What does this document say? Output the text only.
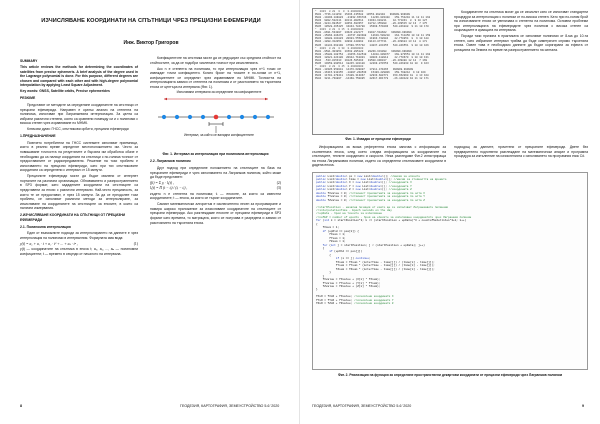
ИЗЧИСЛЯВАНЕ КООРДИНАТИ НА СПЪТНИЦИ ЧРЕЗ ПРЕЦИЗНИ ЕФЕМЕРИДИ
Инж. Виктор Григоров

SUMMARY

This article reviews the methods for determining the coordinates of satellites from precise ephemeris. A brief analysis of the degree used in the Lagrange polynomial is done. For this purpose, different degrees are chosen and compared with each other and with high-degree polynomial interpolation by applying Least Square Adjustment.

Key words: GNSS, Satellite orbits, Precise ephemerides

РЕЗЮМЕ

Представят се методите за определяне координатите на спътници от прецизни ефемериди. Направен е кратък анализ на степента на полинома, използван при Лагранжевата интерполация. За целта са избрани различни степени, които са сравнени помежду си и с полиноми с висока степен чрез изравняване по МНМК.

Ключови думи: ГНСС, спътникови орбити, прецизни ефемериди

1.ПРЕДНАЗНАЧЕНИЕ

Повечето потребители на ГНСС системите използват приемници, които в реално време определят местоположението им. Често за повишаване точността на резултатите и бързата им обработка обаче е необходимо да са налице координати на спътници с по-голяма точност от предоставяните от радиопредавателя. Решение на този проблем е използването на прецизни ефемериди, като при тях спътниковите координати са определени с интервал от 15 минути.

Прецизните ефемериди могат да бъдат свалени от интернет порталите на различни организации. Обновяването и разпространението в SP3 формат, като зададените координати на спътниците са представени за епохи с различни интервали. Най-често прецизность, за които те се предоставят, е през 15 минути. За да се преодолее този проблем, се използват различни методи за интерполиране, за изчисляване на координатите на спътниците за епохите, в които са налични измервания.

2.ИЗЧИСЛЯВАНЕ КООРДИНАТИ НА СПЪТНИЦИ ОТ ПРЕЦИЗНИ ЕФЕМЕРИДИ

2.1. Полиномна интерполация

Един от възможните подходи за интерполирането на данните е чрез интерполация на полиноми в интервалния. Формулата има вида:

y(t) = a₀ + a₁ · t + a₂ · t² + ... + aₙ · tⁿ ,	(1)

y(t) — координатите на спътника в епоха t; a₀, a₁, ..., aₙ — полиномни коефициенти; t — времето в секунди от началото на интервала.

Коефициентите на спътника могат да се редуцират със средната стойност на стойностите, за да се подобри числената точност при изчисленията.

Ако n е степента на полинома, то при интерполация чрез n+1 точки се извеждат точни коефициенти. Когато броят на точките е по-голям от n+1, коефициентите се определят чрез изравняване по МНМК. Точността на интерполацията зависи от степента на полинома и от разстоянието на търсената епоха от центъра на интервала (Фиг. 1).

Използвани интервали за определяне на коефициентите
Интервал, за който се валидни коефициентите

Фиг. 1. Интервал за интерполация при полиномна интерполация

2.2. Лагранжов полином

Друг подход при определяне положението на спътниците на база на прецизните ефемериди е чрез използването на Лагранжов полином, който може да бъде представен:

f(t) = Σ yᵢ · lᵢ(t) ,	(2)
lᵢ(t) = Π (t − tⱼ) / (tᵢ − tⱼ) ,	(3)

където n е степента на полинома; tᵢ — епохите, за които са известни координатите; t — епоха, за която се търсят координатите.

Самият математически алгоритъм е изключително лесен за програмиране и намира широко приложение за изчисляване координатите на спътниците от прецизни ефемериди. Ако разглеждаме епохите от прецизни ефемериди в SP3 формат като времена, то мaтрицата, която се получава е разредена и зависи от разстоянието на търсената епоха.

8	ГЕОДЕЗИЯ, КАРТОГРАФИЯ, ЗЕМЕУСТРОЙСТВО 5-6 '2020
*  2003  8 28  0  0  0.00000000
PG01 -7736.111250  15466.135582  19553.092192   999999.999999
PG02 -14096.189883  -21932.656786   11236.003428   159.754210 11 12 11 162
PG03  9802.522111  20111.008514   13934.601211    42.771031  8  9 10 127
PG04 -3244.694527  18654.693357   18712.155880   -26.439515 12 13  7 175
PG05  10528.465425  16834.784780   15699.574096   549.846288  9 11 10 170
*  2003  8 28  0 15  0.00000000
PG01 -8691.534007  13623.222177   19917.518662   999999.999999
PG02 -15066.286270  -20737.983388   12619.580210   164.711856 10 10 11 159
PG03  10888.101883  20601.555019   11993.742004    42.770854  8  9 10 128
PG04 -1898.312054  18990.120092   19113.077721   -26.439624 13 12  8 171
PG05  11834.662190  17590.557732   14037.223455   549.846551  9 10 10 166
*  2003  8 28  0 30  0.00000000
PG01 -9581.303854  11562.895120   20269.631098   999999.999999
PG02 -15880.108754  -19456.612510   14018.009977   168.870551 10 11 11 162
PG03  12021.224180  20942.710001   10003.118812    42.770670  8 10 10 131
PG04  -533.015313  19126.505493   19500.096017   -26.439888 12 12  7 169
PG05  13059.890514  18245.101120   12299.874553   549.846830 10 10  9 163
*  2003  8 28  0 45  0.00000000
PG01 -10385.950041  14476.689007   17811.479465   999999.999999
PG02 -16315.910155  -18007.268533   15403.229006   159.798212  9 10 169
PG03  11791.279411  17809.313067   12933.600771   159.652060 18  8 13 168
PG04  3211.738807  -14468.750085   22617.961778   -26.440128 10 11 12 171
Фиг. 1. Извадка от прецизни ефемериди

Координатите на спътника могат да се изчислят като се използват стандартни процедури за интерполация с полином от по-висока степен. Като при по-голям брой на използваните епохи се увеличава и степента на полинома. Основни проблеми при интерполацията на ефемеридите чрез полином с висока степен са осцилациите в краищата на интервала.

Поради тази причина в практиката се използват полиноми от 8-ма до 10-та степен, като избраният интервал трябва да бъде симетричен спрямо търсената епоха. Освен това е необходимо данните да бъдат коригирани за ефекта от ротацията на Земята по време на разпространението на сигнала.

Информацията за всяка референтна епоха започва с информация за съответната епоха, след което следва информацията за координатите на спътниците, техните координати и скорости. Нека разгледаме Фиг.2 илюстрираща на епоха Лагранжовия полином, където са определени спътниковите координати в дадена епоха.

подходящ за данните, прочетени от прецизните ефемериди. Двете без предварително подготвени разглеждане на математически апарат и програмна процедура за изпълнение на изчисленията с използването на програмния език C#.

public List<double> px = new List<double>(); //масив за епохите
public List<double> time = new List<double>(); //масив за стойността на времето
public List<double> X = new List<double>(); //координата X
public List<double> Y = new List<double>(); //координата Y
public List<double> Z = new List<double>(); //координата Z
double fXvalue = 0; //стойност пресметната за координата по оста X
double fYvalue = 0; //стойност пресметната за координата по оста Y
double fZvalue = 0; //стойност пресметната за координата по оста Z

//startPosition - начална позиция от която ще се използват Лагранжовите полиноми
//interpolationTime - Epoch seconds on the day
//epData - брой на точките за използване
//nofEP = number of epochs - брой на епохите за използване координатите чрез Лагранжов полином
for (int k = startPosition*3; k <= (startPosition + epData)*3 + countofSatellites*3+1; k++)
{
fXsum = 1;
if (epOld == pos[k]) {
fXsum = 1;
fYsum = 1;
fZsum = 1;
for (int j = startPosition; j < (startPosition + epData); j++)
{
if (epOld == pos[j])
{
if (i == j) continue;
fXsum = fXsum * (interTime - time[j]) / (time[i] - time[j]);
fYsum = fYsum * (interTime - time[j]) / (time[i] - time[j]);
fZsum = fZsum * (interTime - time[j]) / (time[i] - time[j]);
}
}
fXvalue = fXvalue + (X[i] * fXsum);
fYvalue = fYvalue + (Y[i] * fYsum);
fZvalue = fZvalue + (Z[i] * fZsum);
}

fXsO = fXsO + fXvalue; //изчислени координати X
fYsO = fYsO + fYvalue; //изчислени координати Y
fZsO = fZsO + fZvalue; //изчислени координати Z
Фиг. 2. Реализация на функция за определяне пространствени декартови координати от прецизни ефемериди чрез Лагранжов полином
ГЕОДЕЗИЯ, КАРТОГРАФИЯ, ЗЕМЕУСТРОЙСТВО 5-6 '2020	9
